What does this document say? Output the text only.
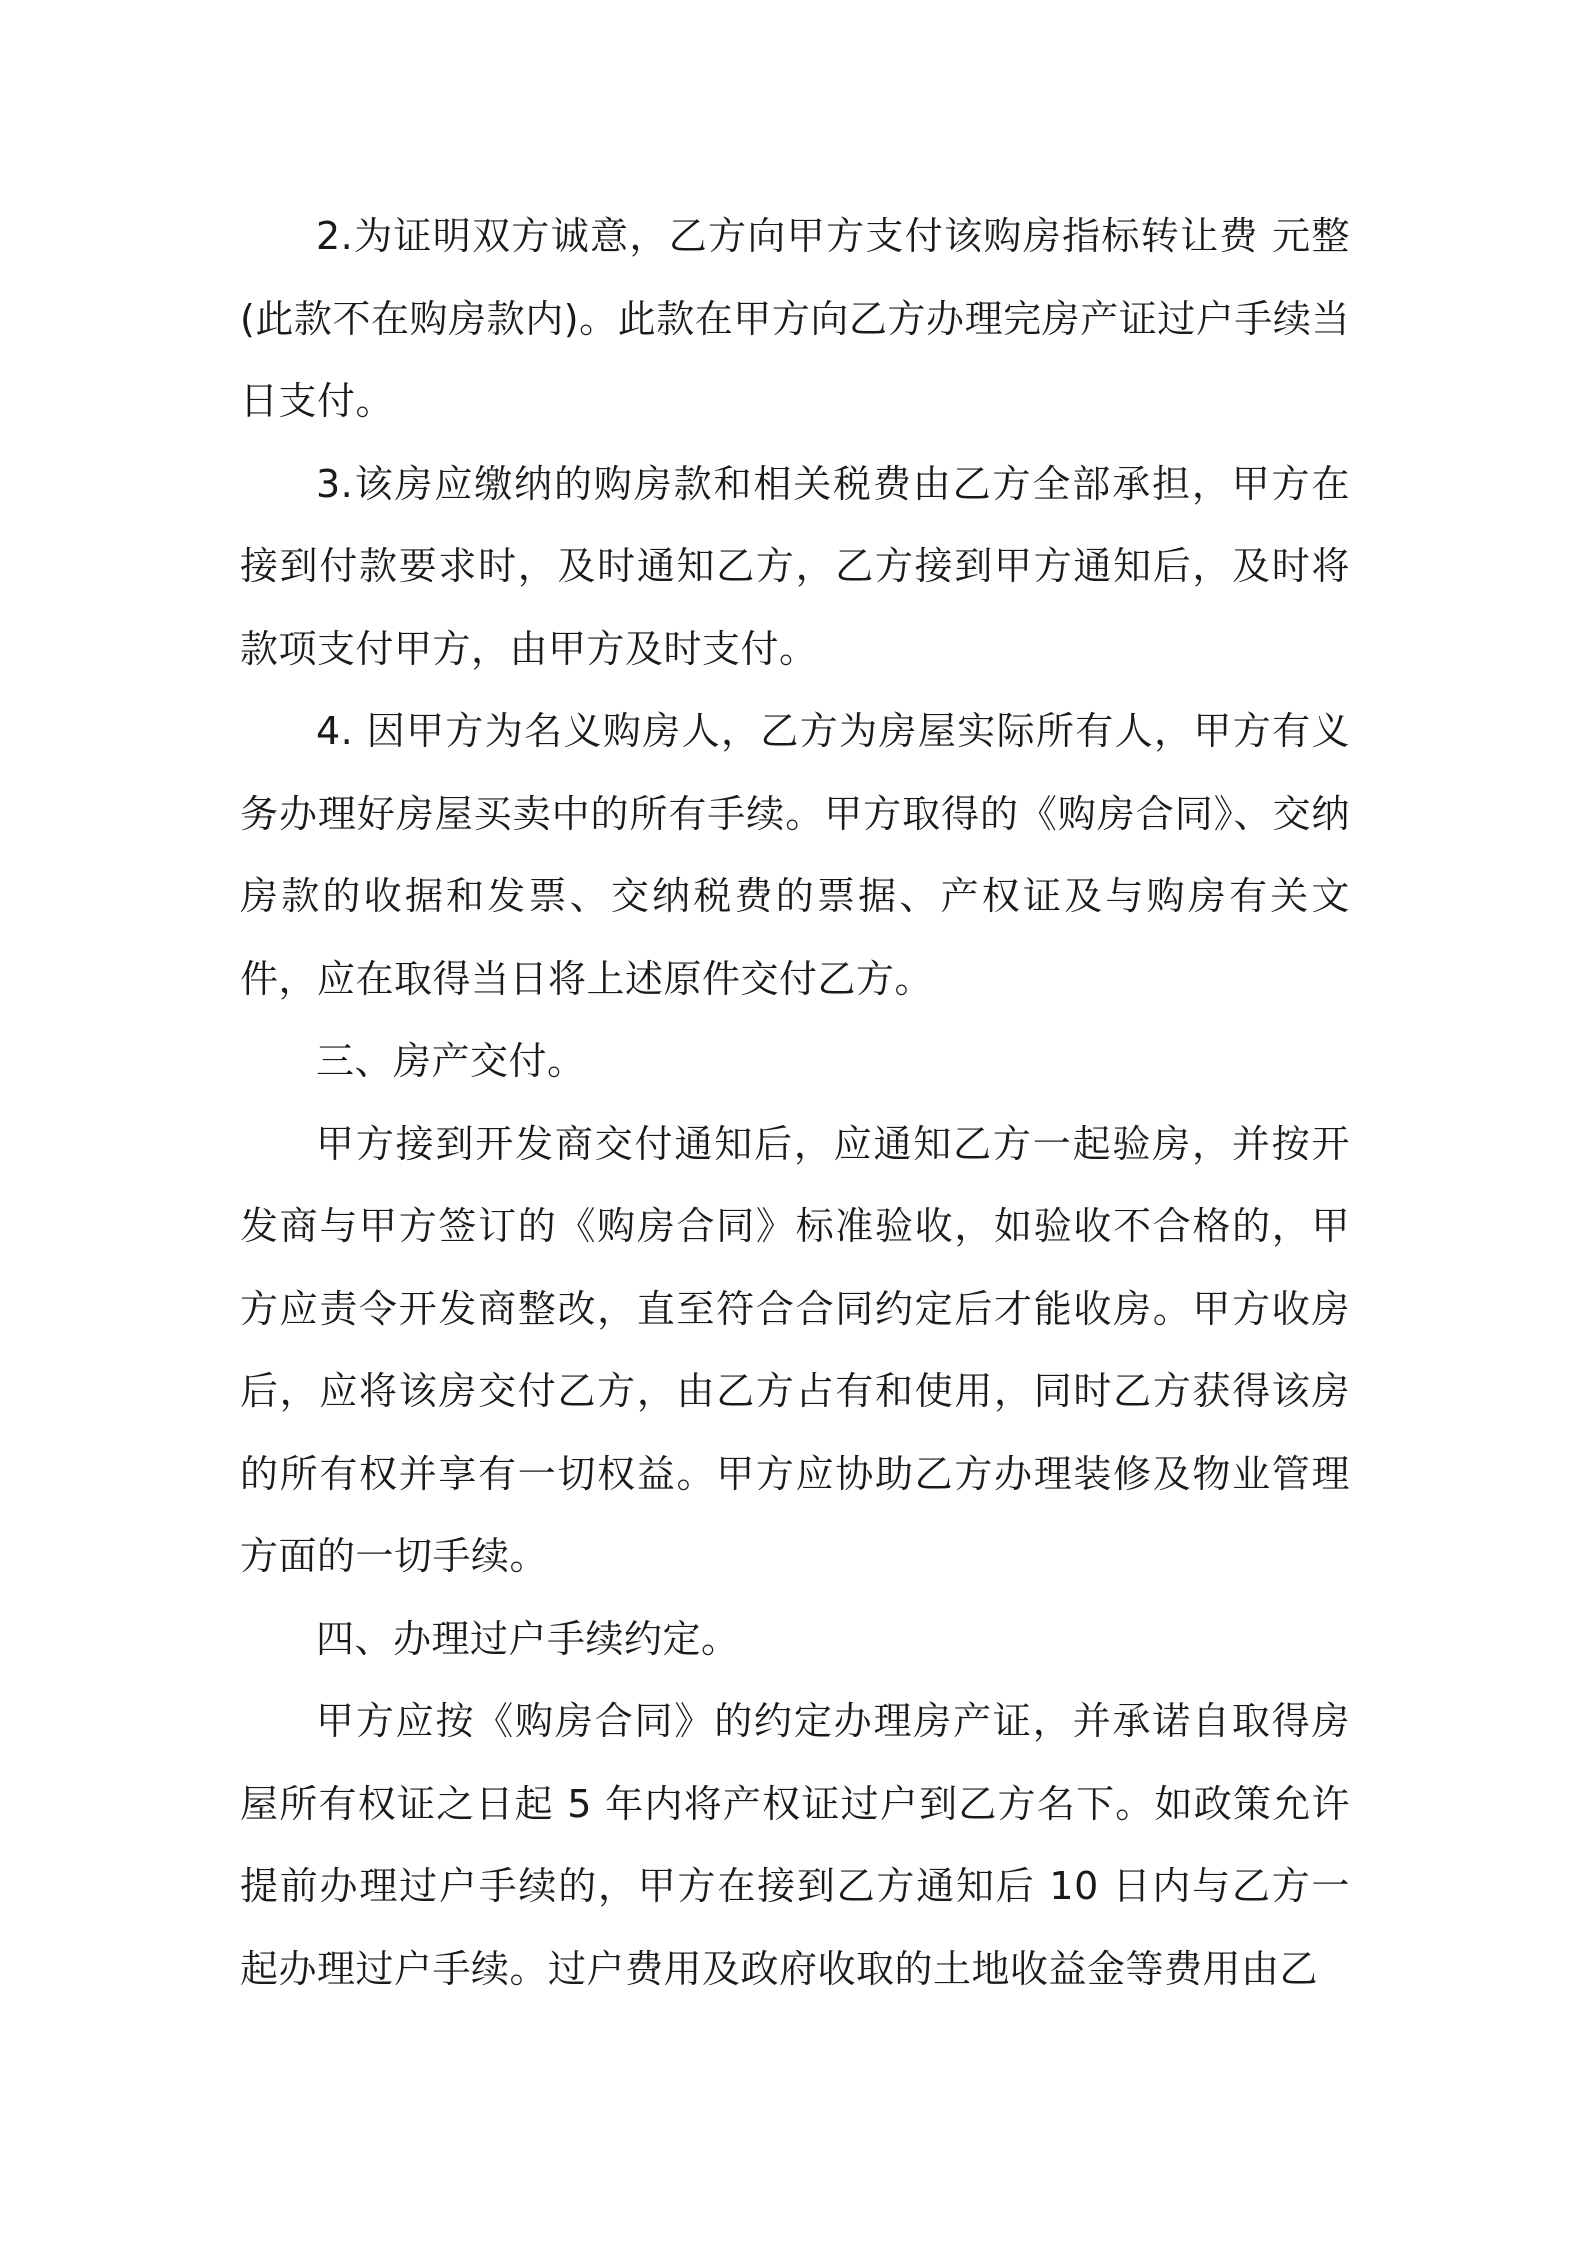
2.为证明双方诚意，乙方向甲方支付该购房指标转让费 元整(此款不在购房款内)。此款在甲方向乙方办理完房产证过户手续当日支付。

3.该房应缴纳的购房款和相关税费由乙方全部承担，甲方在接到付款要求时，及时通知乙方，乙方接到甲方通知后，及时将款项支付甲方，由甲方及时支付。

4. 因甲方为名义购房人，乙方为房屋实际所有人，甲方有义务办理好房屋买卖中的所有手续。甲方取得的《购房合同》、交纳房款的收据和发票、交纳税费的票据、产权证及与购房有关文件，应在取得当日将上述原件交付乙方。

三、房产交付。

甲方接到开发商交付通知后，应通知乙方一起验房，并按开发商与甲方签订的《购房合同》标准验收，如验收不合格的，甲方应责令开发商整改，直至符合合同约定后才能收房。甲方收房后，应将该房交付乙方，由乙方占有和使用，同时乙方获得该房的所有权并享有一切权益。甲方应协助乙方办理装修及物业管理方面的一切手续。

四、办理过户手续约定。

甲方应按《购房合同》的约定办理房产证，并承诺自取得房屋所有权证之日起 5 年内将产权证过户到乙方名下。如政策允许提前办理过户手续的，甲方在接到乙方通知后 10 日内与乙方一起办理过户手续。过户费用及政府收取的土地收益金等费用由乙
